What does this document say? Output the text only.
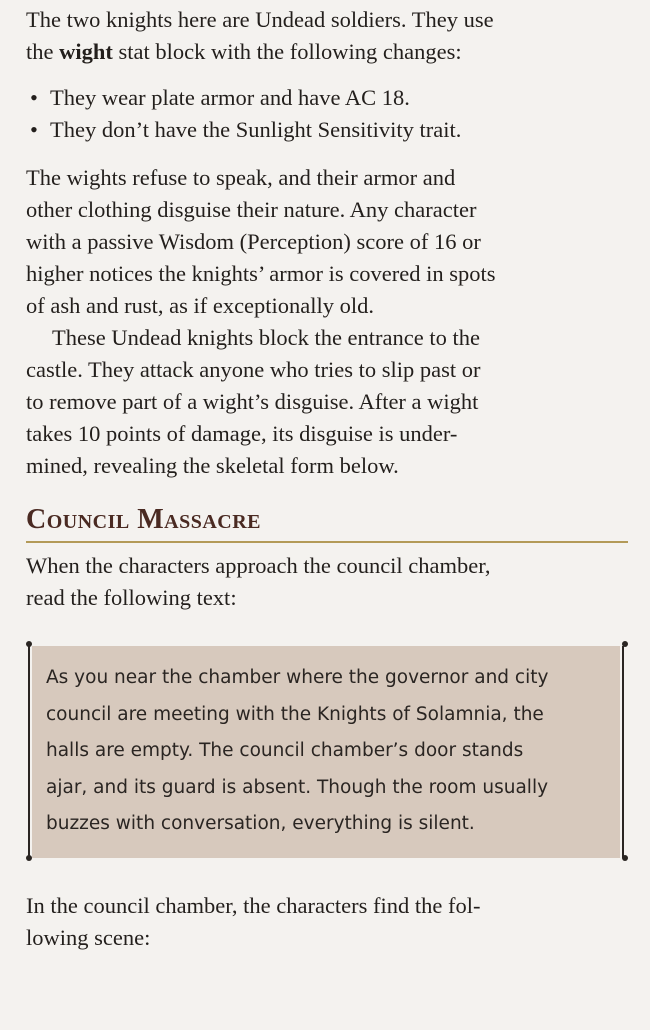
The two knights here are Undead soldiers. They use
the wight stat block with the following changes:

• They wear plate armor and have AC 18.
• They don’t have the Sunlight Sensitivity trait.

The wights refuse to speak, and their armor and
other clothing disguise their nature. Any character
with a passive Wisdom (Perception) score of 16 or
higher notices the knights’ armor is covered in spots
of ash and rust, as if exceptionally old.

These Undead knights block the entrance to the
castle. They attack anyone who tries to slip past or
to remove part of a wight’s disguise. After a wight
takes 10 points of damage, its disguise is under-
mined, revealing the skeletal form below.

Council Massacre

When the characters approach the council chamber,
read the following text:

As you near the chamber where the governor and city
council are meeting with the Knights of Solamnia, the
halls are empty. The council chamber’s door stands
ajar, and its guard is absent. Though the room usually
buzzes with conversation, everything is silent.

In the council chamber, the characters find the fol-
lowing scene:
